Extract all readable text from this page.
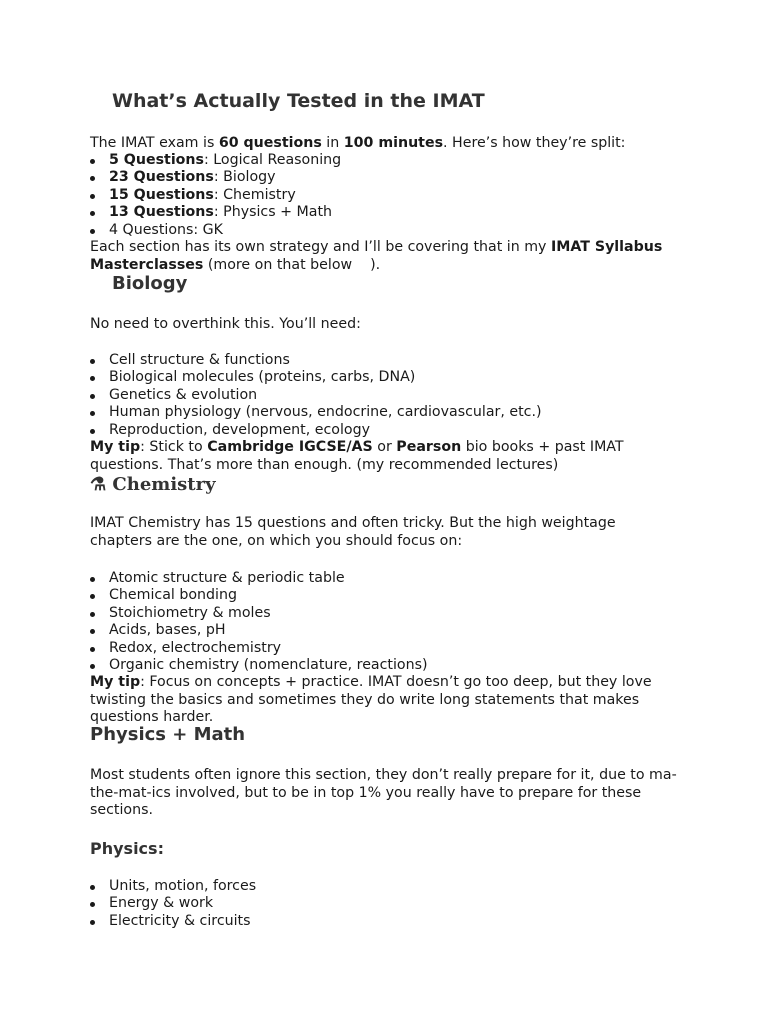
What’s Actually Tested in the IMAT

The IMAT exam is 60 questions in 100 minutes. Here’s how they’re split:

5 Questions: Logical Reasoning
23 Questions: Biology
15 Questions: Chemistry
13 Questions: Physics + Math
4 Questions: GK

Each section has its own strategy and I’ll be covering that in my IMAT Syllabus Masterclasses (more on that below    ).

Biology

No need to overthink this. You’ll need:

Cell structure & functions
Biological molecules (proteins, carbs, DNA)
Genetics & evolution
Human physiology (nervous, endocrine, cardiovascular, etc.)
Reproduction, development, ecology

My tip: Stick to Cambridge IGCSE/AS or Pearson bio books + past IMAT questions. That’s more than enough. (my recommended lectures)

⚗ Chemistry

IMAT Chemistry has 15 questions and often tricky. But the high weightage chapters are the one, on which you should focus on:

Atomic structure & periodic table
Chemical bonding
Stoichiometry & moles
Acids, bases, pH
Redox, electrochemistry
Organic chemistry (nomenclature, reactions)

My tip: Focus on concepts + practice. IMAT doesn’t go too deep, but they love twisting the basics and sometimes they do write long statements that makes questions harder.

Physics + Math

Most students often ignore this section, they don’t really prepare for it, due to ma-the-mat-ics involved, but to be in top 1% you really have to prepare for these sections.

Physics:
Units, motion, forces
Energy & work
Electricity & circuits
